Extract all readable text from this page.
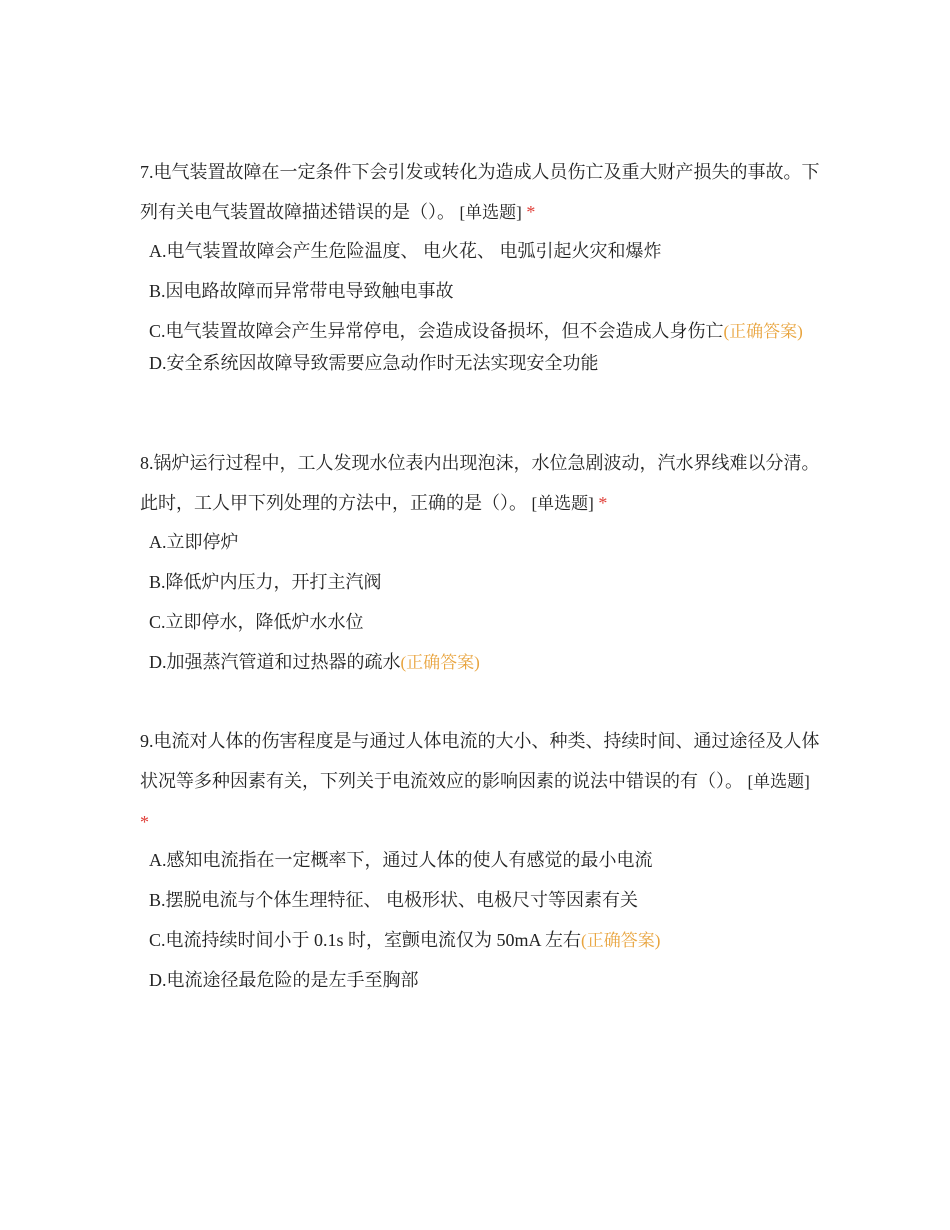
7.电气装置故障在一定条件下会引发或转化为造成人员伤亡及重大财产损失的事故。下列有关电气装置故障描述错误的是（）。 [单选题] *

A.电气装置故障会产生危险温度、 电火花、 电弧引起火灾和爆炸
B.因电路故障而异常带电导致触电事故
C.电气装置故障会产生异常停电，会造成设备损坏，但不会造成人身伤亡(正确答案)
D.安全系统因故障导致需要应急动作时无法实现安全功能

8.锅炉运行过程中，工人发现水位表内出现泡沫，水位急剧波动，汽水界线难以分清。此时，工人甲下列处理的方法中，正确的是（）。 [单选题] *

A.立即停炉
B.降低炉内压力，开打主汽阀
C.立即停水，降低炉水水位
D.加强蒸汽管道和过热器的疏水(正确答案)

9.电流对人体的伤害程度是与通过人体电流的大小、种类、持续时间、通过途径及人体状况等多种因素有关，下列关于电流效应的影响因素的说法中错误的有（）。 [单选题] *

A.感知电流指在一定概率下，通过人体的使人有感觉的最小电流
B.摆脱电流与个体生理特征、 电极形状、电极尺寸等因素有关
C.电流持续时间小于 0.1s 时，室颤电流仅为 50mA 左右(正确答案)
D.电流途径最危险的是左手至胸部
